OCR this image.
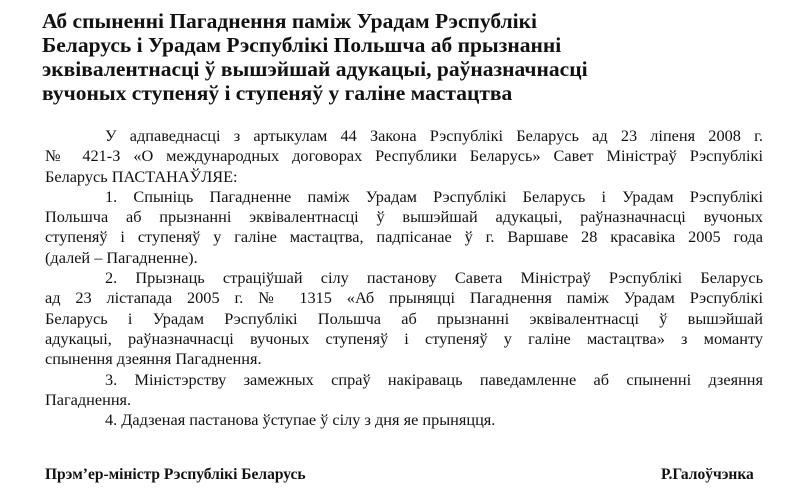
Аб спыненні Пагаднення паміж Урадам Рэспублікі
Беларусь і Урадам Рэспублікі Польшча аб прызнанні
эквівалентнасці ў вышэйшай адукацыі, раўназначнасці
вучоных ступеняў і ступеняў у галіне мастацтва
У адпаведнасці з артыкулам 44 Закона Рэспублікі Беларусь ад 23 ліпеня 2008 г.
№ 421-З «О международных договорах Республики Беларусь» Савет Міністраў Рэспублікі
Беларусь ПАСТАНАЎЛЯЕ:
1. Спыніць Пагадненне паміж Урадам Рэспублікі Беларусь і Урадам Рэспублікі
Польшча аб прызнанні эквівалентнасці ў вышэйшай адукацыі, раўназначнасці вучоных
ступеняў і ступеняў у галіне мастацтва, падпісанае ў г. Варшаве 28 красавіка 2005 года
(далей – Пагадненне).
2. Прызнаць страціўшай сілу пастанову Савета Міністраў Рэспублікі Беларусь
ад 23 лістапада 2005 г. № 1315 «Аб прыняцці Пагаднення паміж Урадам Рэспублікі
Беларусь і Урадам Рэспублікі Польшча аб прызнанні эквівалентнасці ў вышэйшай
адукацыі, раўназначнасці вучоных ступеняў і ступеняў у галіне мастацтва» з моманту
спынення дзеяння Пагаднення.
3. Міністэрству замежных спраў накіраваць паведамленне аб спыненні дзеяння
Пагаднення.
4. Дадзеная пастанова ўступае ў сілу з дня яе прыняцця.
Прэм’ер-міністр Рэспублікі Беларусь	Р.Галоўчэнка
